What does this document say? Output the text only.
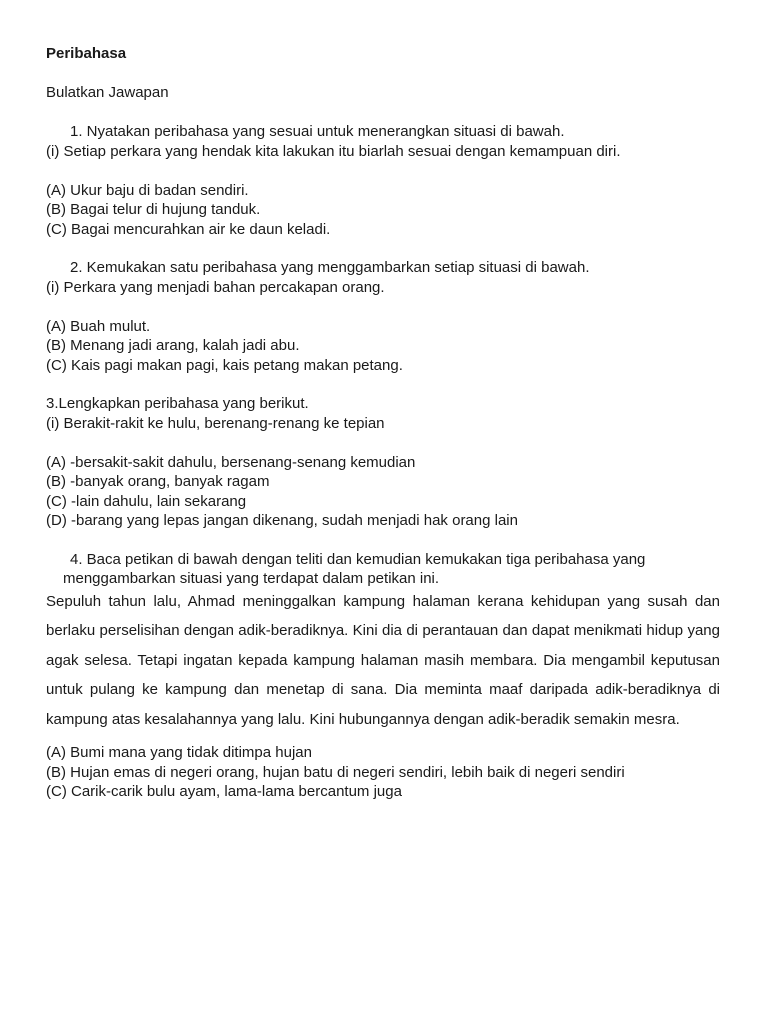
Peribahasa
Bulatkan Jawapan
1. Nyatakan peribahasa yang sesuai untuk menerangkan situasi di bawah.
(i) Setiap perkara yang hendak kita lakukan itu biarlah sesuai dengan kemampuan diri.
(A) Ukur baju di badan sendiri.
(B) Bagai telur di hujung tanduk.
(C) Bagai mencurahkan air ke daun keladi.
2. Kemukakan satu peribahasa yang menggambarkan setiap situasi di bawah.
(i) Perkara yang menjadi bahan percakapan orang.
(A) Buah mulut.
(B) Menang jadi arang, kalah jadi abu.
(C) Kais pagi makan pagi, kais petang makan petang.
3.Lengkapkan peribahasa yang berikut.
(i) Berakit-rakit ke hulu, berenang-renang ke tepian
(A) -bersakit-sakit dahulu, bersenang-senang kemudian
(B) -banyak orang, banyak ragam
(C) -lain dahulu, lain sekarang
(D) -barang yang lepas jangan dikenang, sudah menjadi hak orang lain
4. Baca petikan di bawah dengan teliti dan kemudian kemukakan tiga peribahasa yang
menggambarkan situasi yang terdapat dalam petikan ini.
Sepuluh tahun lalu, Ahmad meninggalkan kampung halaman kerana kehidupan yang susah dan berlaku perselisihan dengan adik-beradiknya. Kini dia di perantauan dan dapat menikmati hidup yang agak selesa. Tetapi ingatan kepada kampung halaman masih membara. Dia mengambil keputusan untuk pulang ke kampung dan menetap di sana. Dia meminta maaf daripada adik-beradiknya di kampung atas kesalahannya yang lalu. Kini hubungannya dengan adik-beradik semakin mesra.
(A) Bumi mana yang tidak ditimpa hujan
(B) Hujan emas di negeri orang, hujan batu di negeri sendiri, lebih baik di negeri sendiri
(C) Carik-carik bulu ayam, lama-lama bercantum juga
